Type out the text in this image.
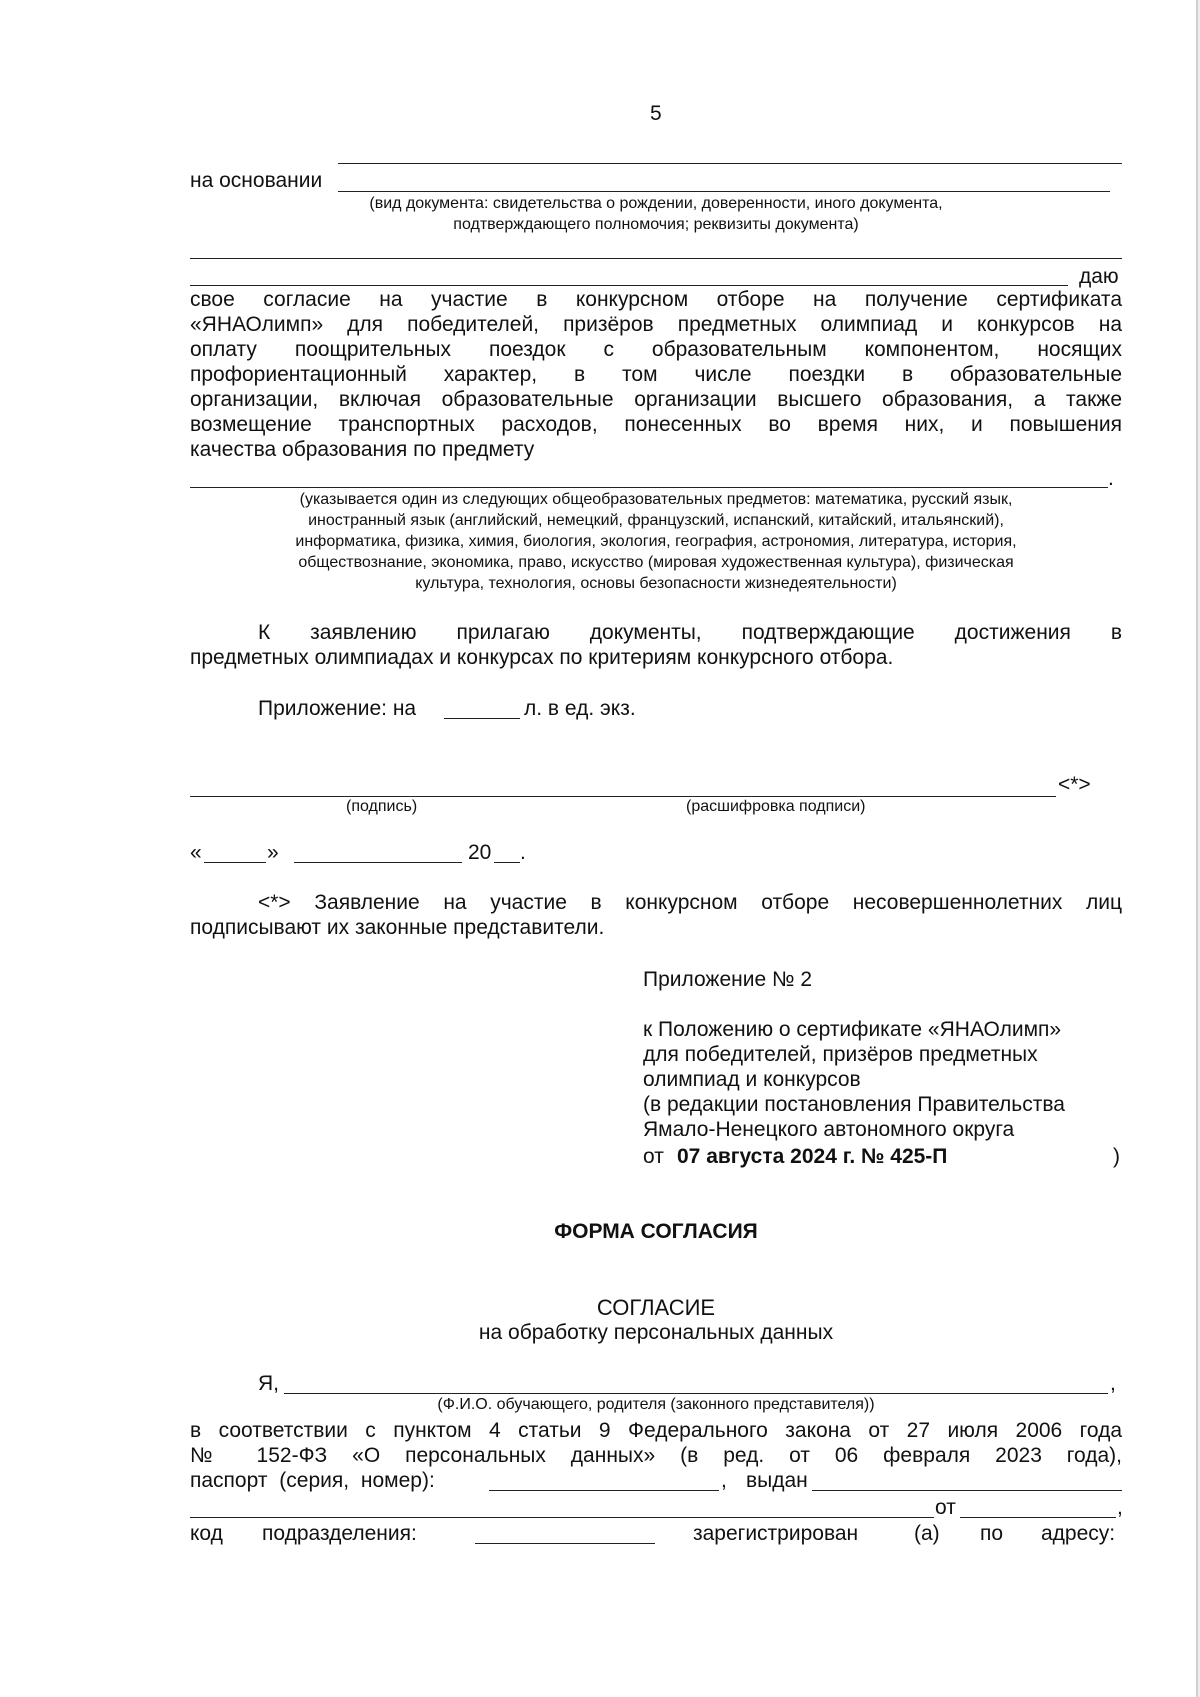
5
на основании
(вид документа: свидетельства о рождении, доверенности, иного документа,
подтверждающего полномочия; реквизиты документа)
даю
свое согласие на участие в конкурсном отборе на получение сертификата
«ЯНАОлимп» для победителей, призёров предметных олимпиад и конкурсов на
оплату поощрительных поездок с образовательным компонентом, носящих
профориентационный характер, в том числе поездки в образовательные
организации, включая образовательные организации высшего образования, а также
возмещение транспортных расходов, понесенных во время них, и повышения
качества образования по предмету
.
(указывается один из следующих общеобразовательных предметов: математика, русский язык,
иностранный язык (английский, немецкий, французский, испанский, китайский, итальянский),
информатика, физика, химия, биология, экология, география, астрономия, литература, история,
обществознание, экономика, право, искусство (мировая художественная культура), физическая
культура, технология, основы безопасности жизнедеятельности)
К заявлению прилагаю документы, подтверждающие достижения в
предметных олимпиадах и конкурсах по критериям конкурсного отбора.
Приложение: на	л. в ед. экз.
<*>
(подпись)	(расшифровка подписи)
«	»	20 .
<*> Заявление на участие в конкурсном отборе несовершеннолетних лиц
подписывают их законные представители.
Приложение № 2
к Положению о сертификате «ЯНАОлимп»
для победителей, призёров предметных
олимпиад и конкурсов
(в редакции постановления Правительства
Ямало-Ненецкого автономного округа
от 07 августа 2024 г. № 425-П	)
ФОРМА СОГЛАСИЯ
СОГЛАСИЕ
на обработку персональных данных
Я,	,
(Ф.И.О. обучающего, родителя (законного представителя))
в соответствии с пунктом 4 статьи 9 Федерального закона от 27 июля 2006 года
№ 152-ФЗ «О персональных данных» (в ред. от 06 февраля 2023 года),
паспорт (серия, номер):	, выдан
от	,
код подразделения:	зарегистрирован	(а) по адресу:
